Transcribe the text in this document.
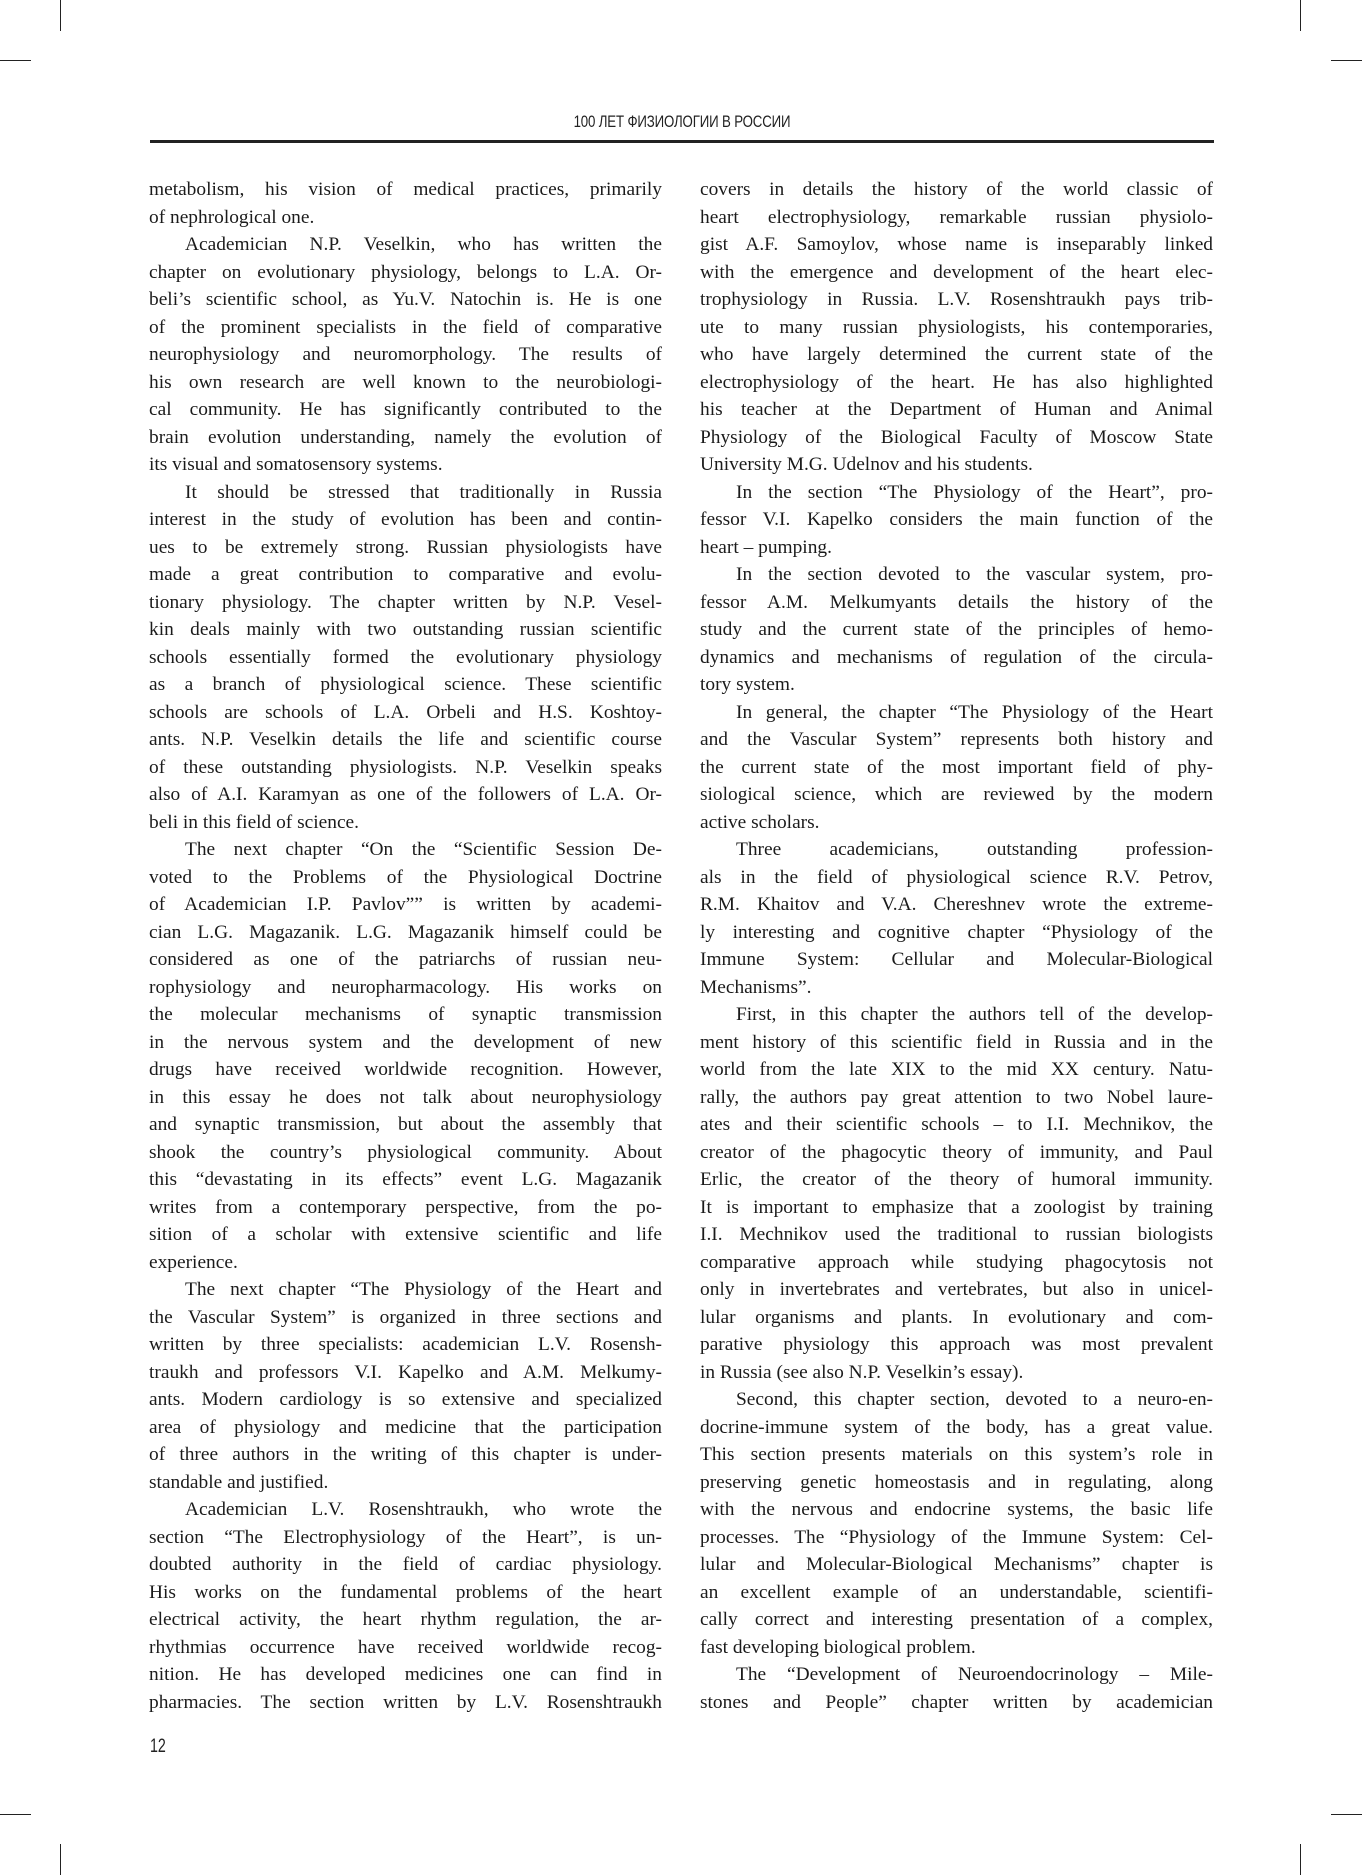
100 ЛЕТ ФИЗИОЛОГИИ В РОССИИ
metabolism, his vision of medical practices, primarily
of nephrological one.
Academician N.P. Veselkin, who has written the
chapter on evolutionary physiology, belongs to L.A. Or-
beli’s scientific school, as Yu.V. Natochin is. He is one
of the prominent specialists in the field of comparative
neurophysiology and neuromorphology. The results of
his own research are well known to the neurobiologi-
cal community. He has significantly contributed to the
brain evolution understanding, namely the evolution of
its visual and somatosensory systems.
It should be stressed that traditionally in Russia
interest in the study of evolution has been and contin-
ues to be extremely strong. Russian physiologists have
made a great contribution to comparative and evolu-
tionary physiology. The chapter written by N.P. Vesel-
kin deals mainly with two outstanding russian scientific
schools essentially formed the evolutionary physiology
as a branch of physiological science. These scientific
schools are schools of L.A. Orbeli and H.S. Koshtoy-
ants. N.P. Veselkin details the life and scientific course
of these outstanding physiologists. N.P. Veselkin speaks
also of A.I. Karamyan as one of the followers of L.A. Or-
beli in this field of science.
The next chapter “On the “Scientific Session De-
voted to the Problems of the Physiological Doctrine
of Academician I.P. Pavlov”” is written by academi-
cian L.G. Magazanik. L.G. Magazanik himself could be
considered as one of the patriarchs of russian neu-
rophysiology and neuropharmacology. His works on
the molecular mechanisms of synaptic transmission
in the nervous system and the development of new
drugs have received worldwide recognition. However,
in this essay he does not talk about neurophysiology
and synaptic transmission, but about the assembly that
shook the country’s physiological community. About
this “devastating in its effects” event L.G. Magazanik
writes from a contemporary perspective, from the po-
sition of a scholar with extensive scientific and life
experience.
The next chapter “The Physiology of the Heart and
the Vascular System” is organized in three sections and
written by three specialists: academician L.V. Rosensh-
traukh and professors V.I. Kapelko and A.M. Melkumy-
ants. Modern cardiology is so extensive and specialized
area of physiology and medicine that the participation
of three authors in the writing of this chapter is under-
standable and justified.
Academician L.V. Rosenshtraukh, who wrote the
section “The Electrophysiology of the Heart”, is un-
doubted authority in the field of cardiac physiology.
His works on the fundamental problems of the heart
electrical activity, the heart rhythm regulation, the ar-
rhythmias occurrence have received worldwide recog-
nition. He has developed medicines one can find in
pharmacies. The section written by L.V. Rosenshtraukh
covers in details the history of the world classic of
heart electrophysiology, remarkable russian physiolo-
gist A.F. Samoylov, whose name is inseparably linked
with the emergence and development of the heart elec-
trophysiology in Russia. L.V. Rosenshtraukh pays trib-
ute to many russian physiologists, his contemporaries,
who have largely determined the current state of the
electrophysiology of the heart. He has also highlighted
his teacher at the Department of Human and Animal
Physiology of the Biological Faculty of Moscow State
University M.G. Udelnov and his students.
In the section “The Physiology of the Heart”, pro-
fessor V.I. Kapelko considers the main function of the
heart – pumping.
In the section devoted to the vascular system, pro-
fessor A.M. Melkumyants details the history of the
study and the current state of the principles of hemo-
dynamics and mechanisms of regulation of the circula-
tory system.
In general, the chapter “The Physiology of the Heart
and the Vascular System” represents both history and
the current state of the most important field of phy-
siological science, which are reviewed by the modern
active scholars.
Three academicians, outstanding profession-
als in the field of physiological science R.V. Petrov,
R.M. Khaitov and V.A. Chereshnev wrote the extreme-
ly interesting and cognitive chapter “Physiology of the
Immune System: Cellular and Molecular-Biological
Mechanisms”.
First, in this chapter the authors tell of the develop-
ment history of this scientific field in Russia and in the
world from the late XIX to the mid XX century. Natu-
rally, the authors pay great attention to two Nobel laure-
ates and their scientific schools – to I.I. Mechnikov, the
creator of the phagocytic theory of immunity, and Paul
Erlic, the creator of the theory of humoral immunity.
It is important to emphasize that a zoologist by training
I.I. Mechnikov used the traditional to russian biologists
comparative approach while studying phagocytosis not
only in invertebrates and vertebrates, but also in unicel-
lular organisms and plants. In evolutionary and com-
parative physiology this approach was most prevalent
in Russia (see also N.P. Veselkin’s essay).
Second, this chapter section, devoted to a neuro-en-
docrine-immune system of the body, has a great value.
This section presents materials on this system’s role in
preserving genetic homeostasis and in regulating, along
with the nervous and endocrine systems, the basic life
processes. The “Physiology of the Immune System: Cel-
lular and Molecular-Biological Mechanisms” chapter is
an excellent example of an understandable, scientifi-
cally correct and interesting presentation of a complex,
fast developing biological problem.
The “Development of Neuroendocrinology – Mile-
stones and People” chapter written by academician
12
